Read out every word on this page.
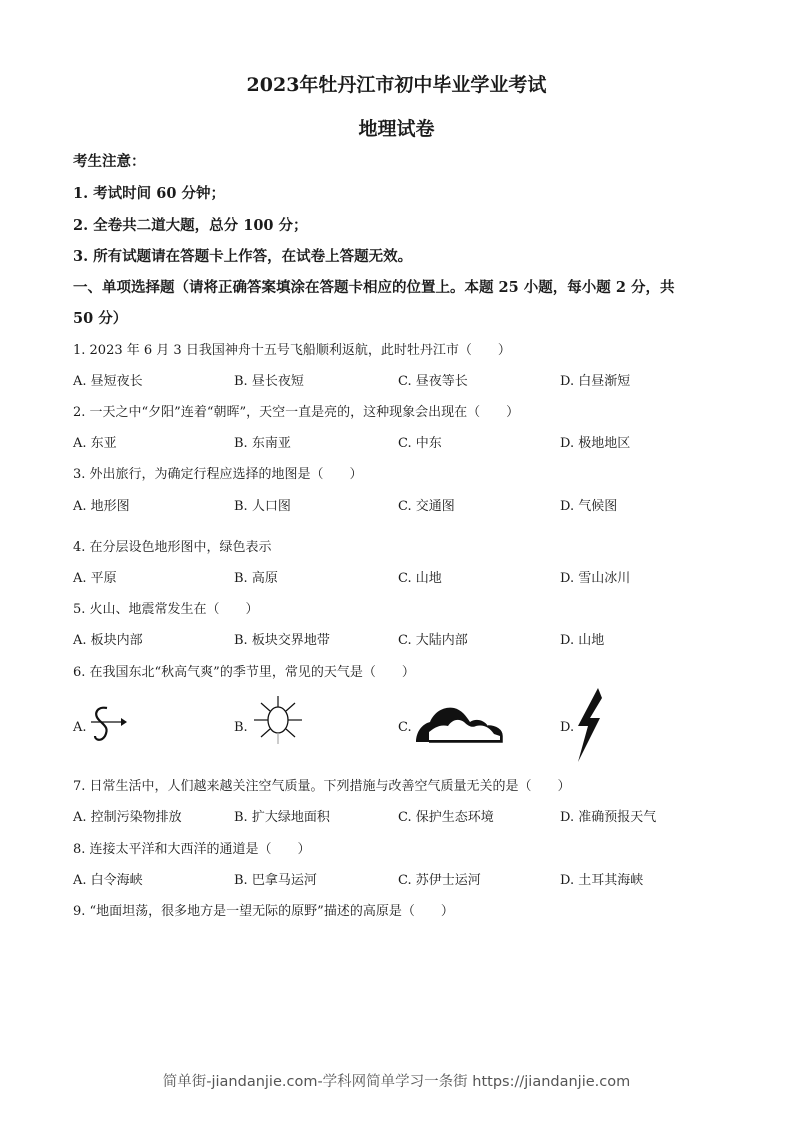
2023年牡丹江市初中毕业学业考试
地理试卷
考生注意：
1. 考试时间 60 分钟；
2. 全卷共二道大题，总分 100 分；
3. 所有试题请在答题卡上作答，在试卷上答题无效。
一、单项选择题（请将正确答案填涂在答题卡相应的位置上。本题 25 小题，每小题 2 分，共
50 分）
1. 2023 年 6 月 3 日我国神舟十五号飞船顺利返航，此时牡丹江市（　　）
A. 昼短夜长	B. 昼长夜短	C. 昼夜等长	D. 白昼渐短
2. 一天之中“夕阳”连着“朝晖”，天空一直是亮的，这种现象会出现在（　　）
A. 东亚	B. 东南亚	C. 中东	D. 极地地区
3. 外出旅行，为确定行程应选择的地图是（　　）
A. 地形图	B. 人口图	C. 交通图	D. 气候图
4. 在分层设色地形图中，绿色表示
A. 平原	B. 高原	C. 山地	D. 雪山冰川
5. 火山、地震常发生在（　　）
A. 板块内部	B. 板块交界地带	C. 大陆内部	D. 山地
6. 在我国东北“秋高气爽”的季节里，常见的天气是（　　）
A.	B.	C.	D.
7. 日常生活中，人们越来越关注空气质量。下列措施与改善空气质量无关的是（　　）
A. 控制污染物排放	B. 扩大绿地面积	C. 保护生态环境	D. 准确预报天气
8. 连接太平洋和大西洋的通道是（　　）
A. 白令海峡	B. 巴拿马运河	C. 苏伊士运河	D. 土耳其海峡
9. “地面坦荡，很多地方是一望无际的原野”描述的高原是（　　）
简单街-jiandanjie.com-学科网简单学习一条街 https://jiandanjie.com
